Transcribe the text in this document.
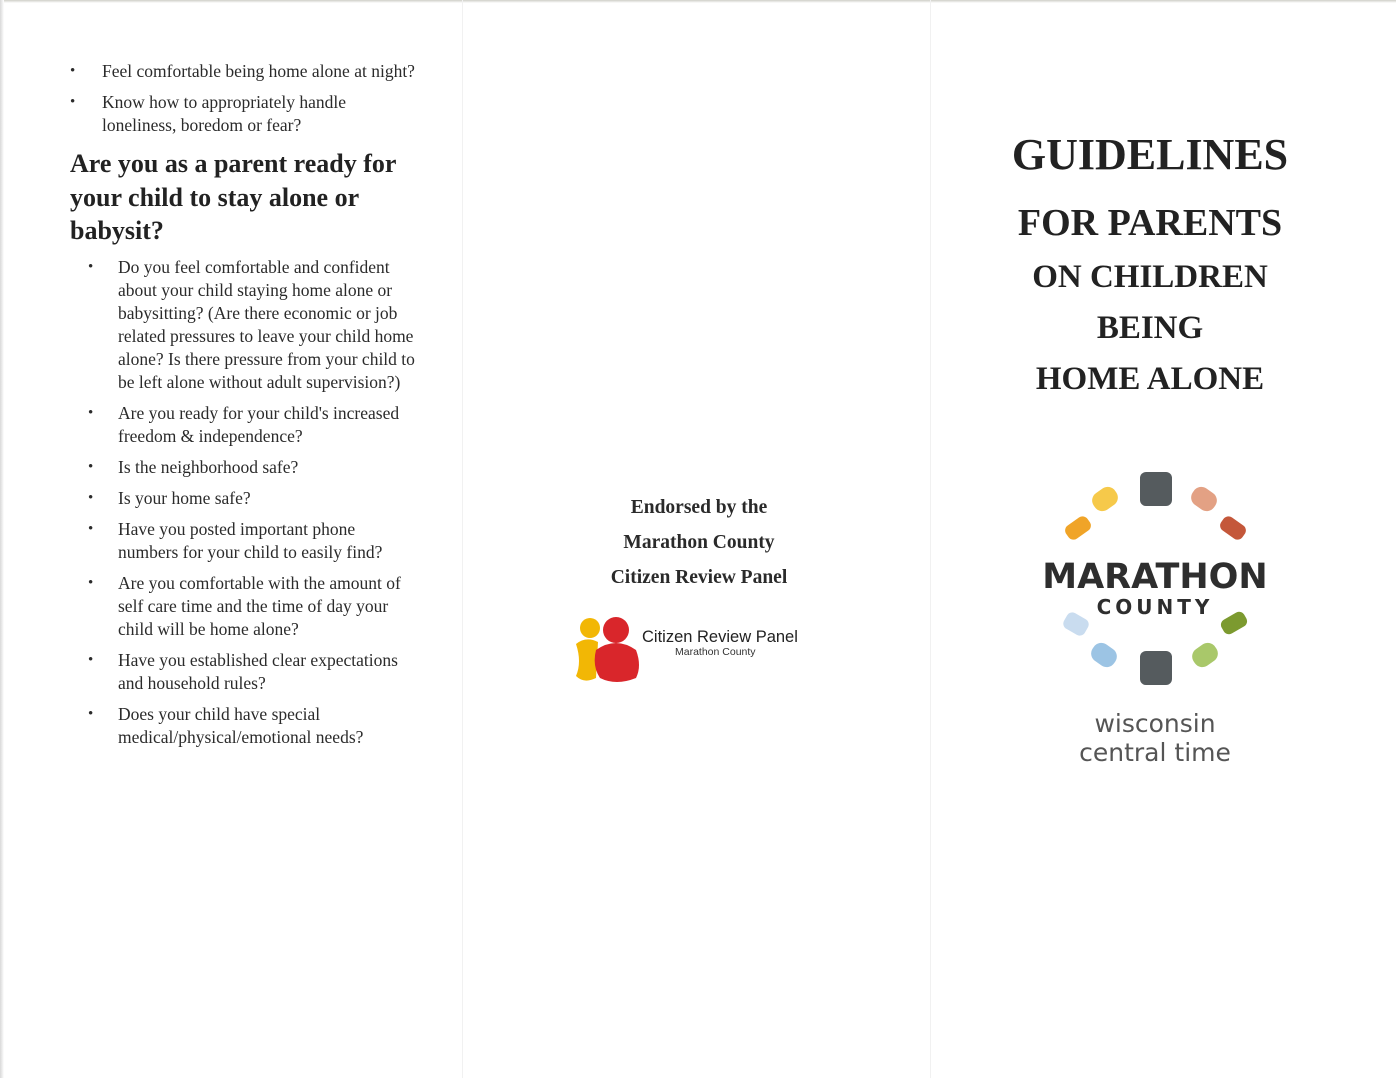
• Feel comfortable being home alone at night?
• Know how to appropriately handle loneliness, boredom or fear?
Are you as a parent ready for your child to stay alone or babysit?
• Do you feel comfortable and confident about your child staying home alone or babysitting? (Are there economic or job related pressures to leave your child home alone? Is there pressure from your child to be left alone without adult supervision?)
• Are you ready for your child's increased freedom & independence?
• Is the neighborhood safe?
• Is your home safe?
• Have you posted important phone numbers for your child to easily find?
• Are you comfortable with the amount of self care time and the time of day your child will be home alone?
• Have you established clear expectations and household rules?
• Does your child have special medical/physical/emotional needs?
Endorsed by the
Marathon County
Citizen Review Panel
Citizen Review Panel
Marathon County
GUIDELINES
FOR PARENTS
ON CHILDREN
BEING
HOME ALONE
MARATHON
COUNTY
wisconsin
central time
